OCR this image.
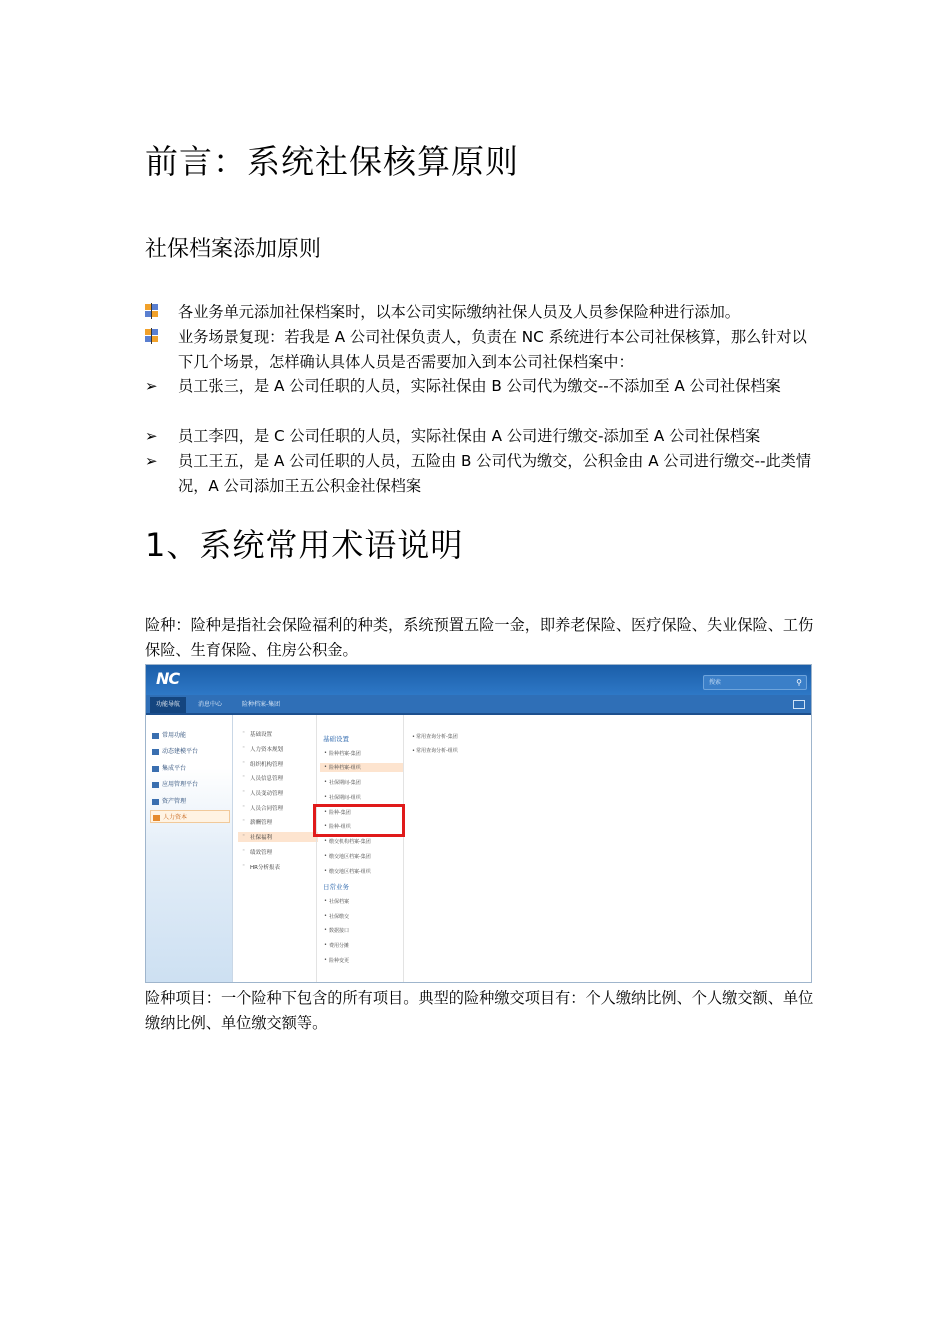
前言：系统社保核算原则
社保档案添加原则
各业务单元添加社保档案时，以本公司实际缴纳社保人员及人员参保险种进行添加。
业务场景复现：若我是 A 公司社保负责人，负责在 NC 系统进行本公司社保核算，那么针对以下几个场景，怎样确认具体人员是否需要加入到本公司社保档案中：
➢	员工张三，是 A 公司任职的人员，实际社保由 B 公司代为缴交--不添加至 A 公司社保档案
➢	员工李四，是 C 公司任职的人员，实际社保由 A 公司进行缴交-添加至 A 公司社保档案
➢	员工王五，是 A 公司任职的人员，五险由 B 公司代为缴交，公积金由 A 公司进行缴交--此类情况，A 公司添加王五公积金社保档案
1、系统常用术语说明
险种：险种是指社会保险福利的种类，系统预置五险一金，即养老保险、医疗保险、失业保险、工伤保险、生育保险、住房公积金。
NC	搜索	⚲
功能导航	消息中心	险种档案-集团
常用功能
动态建模平台
集成平台
应用管理平台
资产管理
人力资本
◦ 基础设置
◦ 人力资本规划
◦ 组织机构管理
◦ 人员信息管理
◦ 人员变动管理
◦ 人员合同管理
◦ 薪酬管理
◦ 社保福利
◦ 绩效管理
◦ HR分析报表
基础设置
• 险种档案-集团
• 险种档案-组织
• 社保期间-集团
• 社保期间-组织
• 险种-集团
• 险种-组织
• 缴交机构档案-集团
• 缴交地区档案-集团
• 缴交地区档案-组织
日常业务
• 社保档案
• 社保缴交
• 数据接口
• 费用分摊
• 险种变更
• 常用查询分析-集团
• 常用查询分析-组织
险种项目：一个险种下包含的所有项目。典型的险种缴交项目有：个人缴纳比例、个人缴交额、单位缴纳比例、单位缴交额等。
